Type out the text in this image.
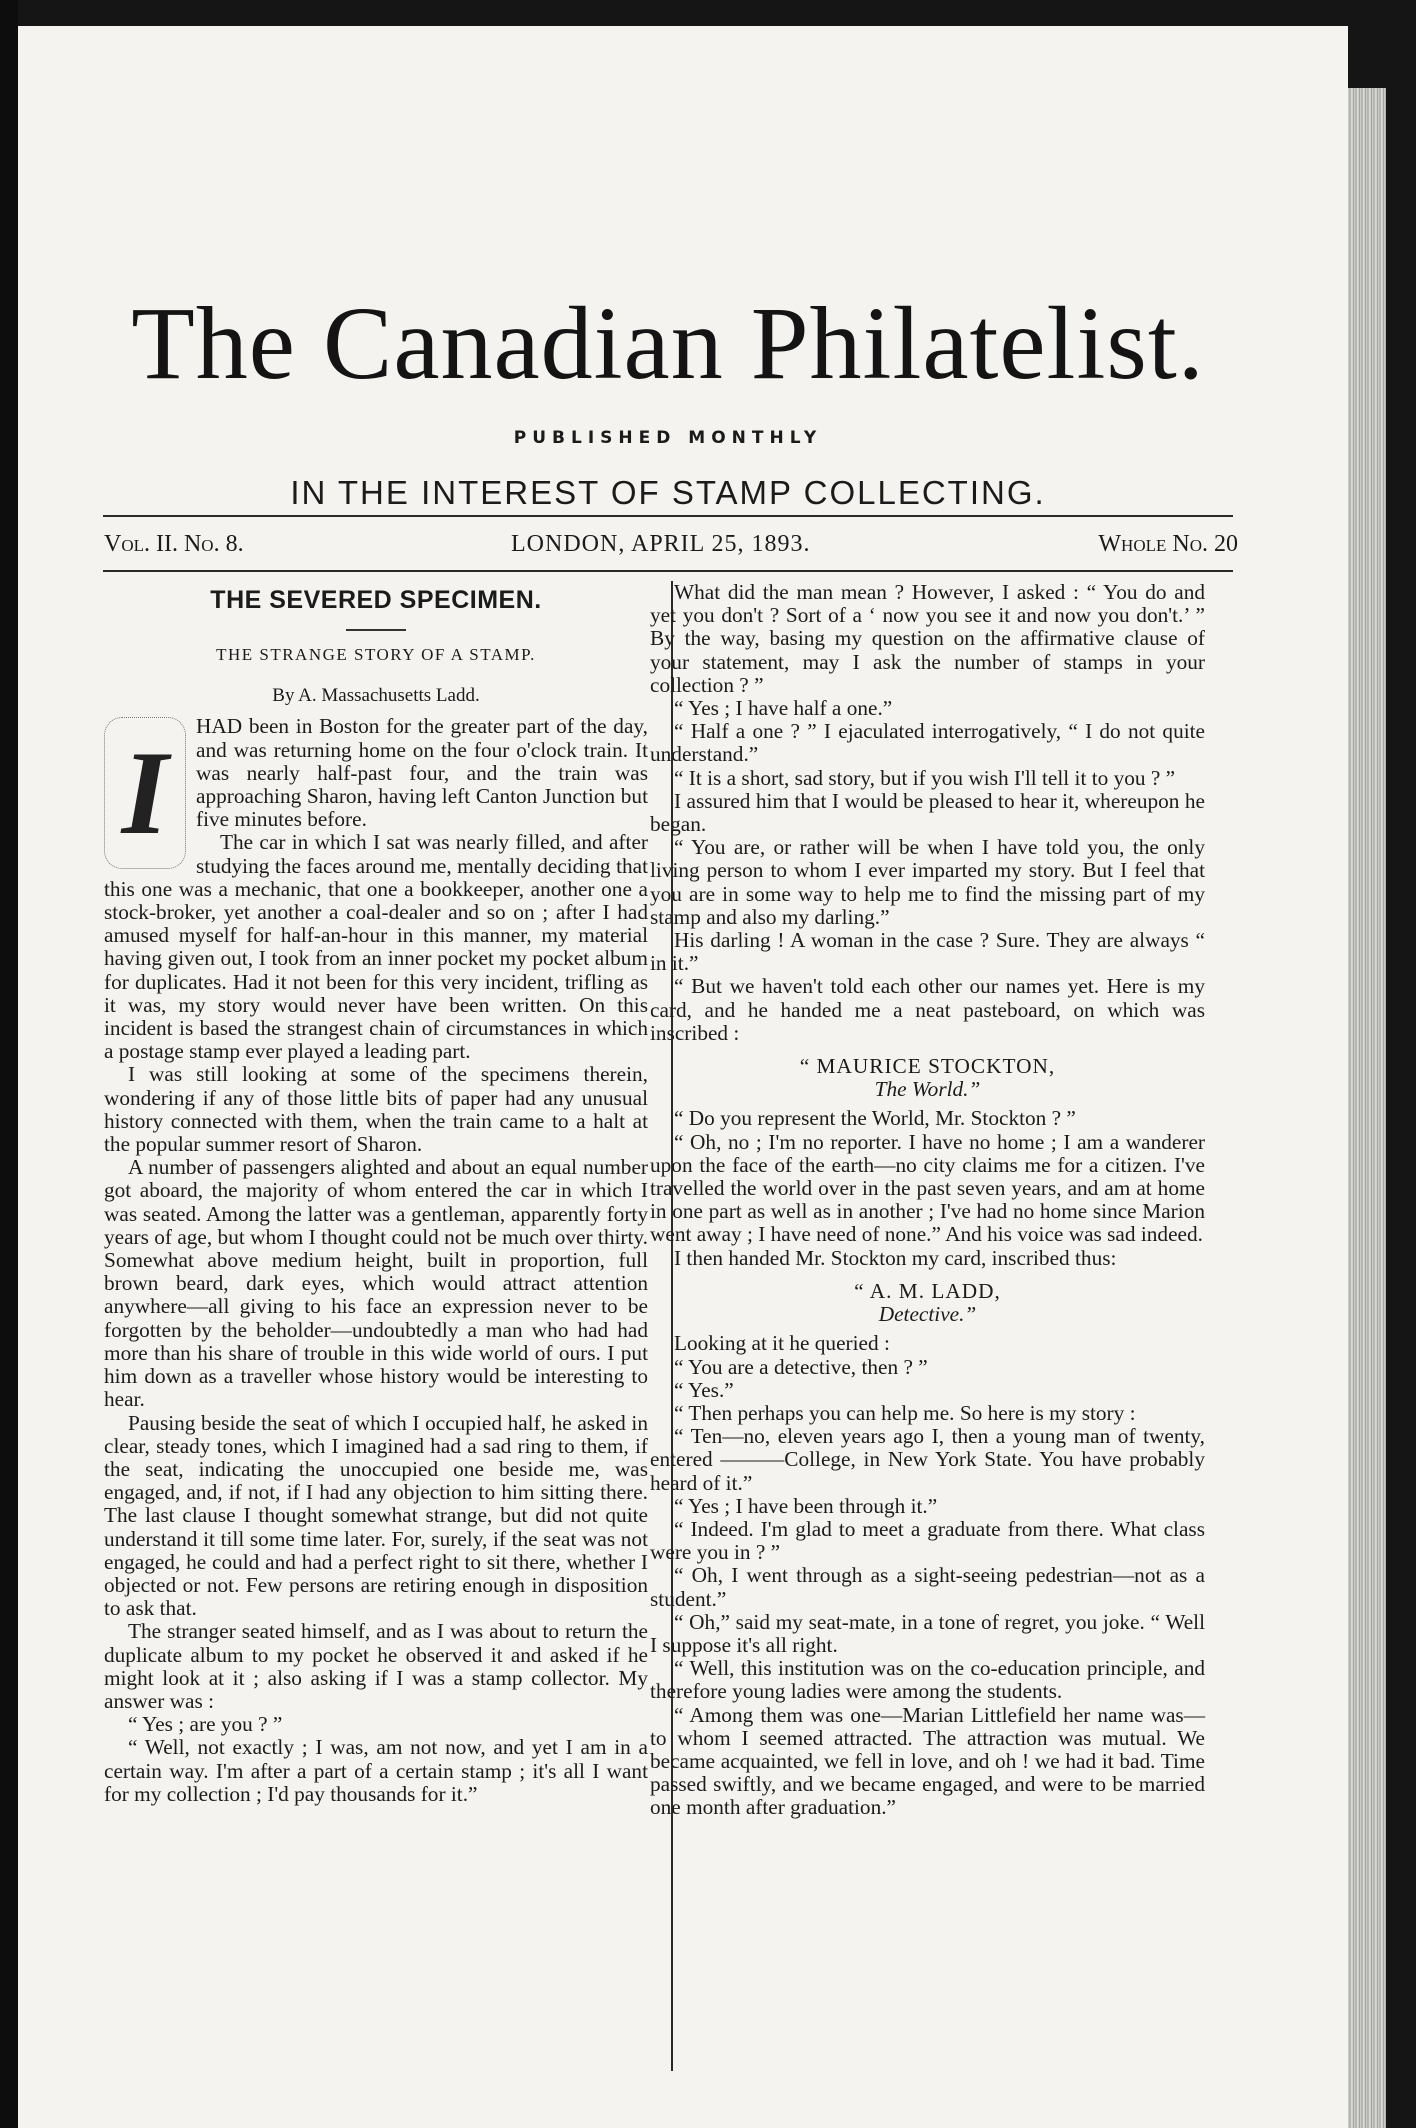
The Canadian Philatelist.
PUBLISHED MONTHLY
IN THE INTEREST OF STAMP COLLECTING.
Vol. II. No. 8.	LONDON, APRIL 25, 1893.	Whole No. 20
THE SEVERED SPECIMEN.
THE STRANGE STORY OF A STAMP.
By A. Massachusetts Ladd.
I	HAD been in Boston for the greater part of the day, and was returning home on the four o'clock train. It was nearly half-past four, and the train was approaching Sharon, having left Canton Junction but five minutes before.

The car in which I sat was nearly filled, and after studying the faces around me, mentally deciding that this one was a mechanic, that one a bookkeeper, another one a stock-broker, yet another a coal-dealer and so on ; after I had amused myself for half-an-hour in this manner, my material having given out, I took from an inner pocket my pocket album for duplicates. Had it not been for this very incident, trifling as it was, my story would never have been written. On this incident is based the strangest chain of circumstances in which a postage stamp ever played a leading part.

I was still looking at some of the specimens therein, wondering if any of those little bits of paper had any unusual history connected with them, when the train came to a halt at the popular summer resort of Sharon.

A number of passengers alighted and about an equal number got aboard, the majority of whom entered the car in which I was seated. Among the latter was a gentleman, apparently forty years of age, but whom I thought could not be much over thirty. Somewhat above medium height, built in proportion, full brown beard, dark eyes, which would attract attention anywhere—all giving to his face an expression never to be forgotten by the beholder—undoubtedly a man who had had more than his share of trouble in this wide world of ours. I put him down as a traveller whose history would be interesting to hear.

Pausing beside the seat of which I occupied half, he asked in clear, steady tones, which I imagined had a sad ring to them, if the seat, indicating the unoccupied one beside me, was engaged, and, if not, if I had any objection to him sitting there. The last clause I thought somewhat strange, but did not quite understand it till some time later. For, surely, if the seat was not engaged, he could and had a perfect right to sit there, whether I objected or not. Few persons are retiring enough in disposition to ask that.

The stranger seated himself, and as I was about to return the duplicate album to my pocket he observed it and asked if he might look at it ; also asking if I was a stamp collector. My answer was :

“ Yes ; are you ? ”

“ Well, not exactly ; I was, am not now, and yet I am in a certain way. I'm after a part of a certain stamp ; it's all I want for my collection ; I'd pay thousands for it.”

What did the man mean ? However, I asked : “ You do and yet you don't ? Sort of a ‘ now you see it and now you don't.’ ” By the way, basing my question on the affirmative clause of your statement, may I ask the number of stamps in your collection ? ”

“ Yes ; I have half a one.”

“ Half a one ? ” I ejaculated interrogatively, “ I do not quite understand.”

“ It is a short, sad story, but if you wish I'll tell it to you ? ”

I assured him that I would be pleased to hear it, whereupon he began.

“ You are, or rather will be when I have told you, the only living person to whom I ever imparted my story. But I feel that you are in some way to help me to find the missing part of my stamp and also my darling.”

His darling ! A woman in the case ? Sure. They are always “ in it.”

“ But we haven't told each other our names yet. Here is my card, and he handed me a neat pasteboard, on which was inscribed :

“ MAURICE STOCKTON,

The World.”

“ Do you represent the World, Mr. Stockton ? ”

“ Oh, no ; I'm no reporter. I have no home ; I am a wanderer upon the face of the earth—no city claims me for a citizen. I've travelled the world over in the past seven years, and am at home in one part as well as in another ; I've had no home since Marion went away ; I have need of none.” And his voice was sad indeed.

I then handed Mr. Stockton my card, inscribed thus:

“ A. M. LADD,

Detective.”

Looking at it he queried :

“ You are a detective, then ? ”

“ Yes.”

“ Then perhaps you can help me. So here is my story :

“ Ten—no, eleven years ago I, then a young man of twenty, entered ———College, in New York State. You have probably heard of it.”

“ Yes ; I have been through it.”

“ Indeed. I'm glad to meet a graduate from there. What class were you in ? ”

“ Oh, I went through as a sight-seeing pedestrian—not as a student.”

“ Oh,” said my seat-mate, in a tone of regret, you joke. “ Well I suppose it's all right.

“ Well, this institution was on the co-education principle, and therefore young ladies were among the students.

“ Among them was one—Marian Littlefield her name was—to whom I seemed attracted. The attraction was mutual. We became acquainted, we fell in love, and oh ! we had it bad. Time passed swiftly, and we became engaged, and were to be married one month after graduation.”
